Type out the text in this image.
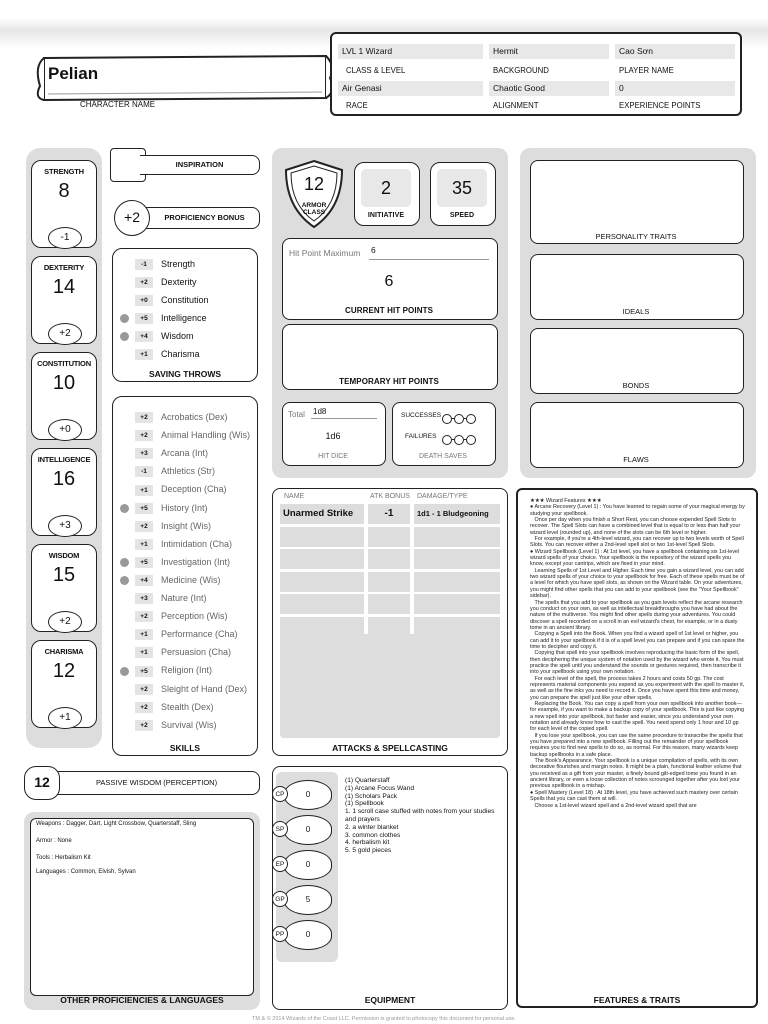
Pelian
CHARACTER NAME
LVL 1 Wizard
CLASS & LEVEL
Hermit
BACKGROUND
Cao Sơn
PLAYER NAME
Air Genasi
RACE
Chaotic Good
ALIGNMENT
0
EXPERIENCE POINTS
STRENGTH
8
-1
DEXTERITY
14
+2
CONSTITUTION
10
+0
INTELLIGENCE
16
+3
WISDOM
15
+2
CHARISMA
12
+1
INSPIRATION
PROFICIENCY BONUS
+2
-1 Strength
+2 Dexterity
+0 Constitution
+5 Intelligence
+4 Wisdom
+1 Charisma
SAVING THROWS
+2 Acrobatics (Dex)
+2 Animal Handling (Wis)
+3 Arcana (Int)
-1 Athletics (Str)
+1 Deception (Cha)
+5 History (Int)
+2 Insight (Wis)
+1 Intimidation (Cha)
+5 Investigation (Int)
+4 Medicine (Wis)
+3 Nature (Int)
+2 Perception (Wis)
+1 Performance (Cha)
+1 Persuasion (Cha)
+5 Religion (Int)
+2 Sleight of Hand (Dex)
+2 Stealth (Dex)
+2 Survival (Wis)
SKILLS
PASSIVE WISDOM (PERCEPTION)
12
Weapons : Dagger, Dart, Light Crossbow, Quarterstaff, Sling
Armor : None
Tools : Herbalism Kit
Languages : Common, Elvish, Sylvan
OTHER PROFICIENCIES & LANGUAGES
12
ARMOR CLASS
2
INITIATIVE
35
SPEED
Hit Point Maximum 6
6
CURRENT HIT POINTS
TEMPORARY HIT POINTS
Total 1d8
1d6
HIT DICE
SUCCESSES
FAILURES
DEATH SAVES
PERSONALITY TRAITS
IDEALS
BONDS
FLAWS
NAME	ATK BONUS DAMAGE/TYPE
Unarmed Strike	-1	1d1 - 1 Bludgeoning
ATTACKS & SPELLCASTING
0
CP
0
SP
0
EP
5
GP
0
PP
(1) Quarterstaff
(1) Arcane Focus Wand
(1) Scholars Pack
(1) Spellbook
1. 1 scroll case stuffed with notes from your studies and prayers
2. a winter blanket
3. common clothes
4. herbalism kit
5. 5 gold pieces
EQUIPMENT

★★★ Wizard Features ★★★

● Arcane Recovery (Level 1) : You have learned to regain some of your magical energy by studying your spellbook.

Once per day when you finish a Short Rest, you can choose expended Spell Slots to recover. The Spell Slots can have a combined level that is equal to or less than half your wizard level (rounded up), and none of the slots can be 6th level or higher.

For example, if you're a 4th-level wizard, you can recover up to two levels worth of Spell Slots. You can recover either a 2nd-level spell slot or two 1st-level Spell Slots.

● Wizard Spellbook (Level 1) : At 1st level, you have a spellbook containing six 1st-level wizard spells of your choice. Your spellbook is the repository of the wizard spells you know, except your cantrips, which are fixed in your mind.

Learning Spells of 1st Level and Higher. Each time you gain a wizard level, you can add two wizard spells of your choice to your spellbook for free. Each of these spells must be of a level for which you have spell slots, as shown on the Wizard table. On your adventures, you might find other spells that you can add to your spellbook (see the "Your Spellbook" sidebar).

The spells that you add to your spellbook as you gain levels reflect the arcane research you conduct on your own, as well as intellectual breakthroughs you have had about the nature of the multiverse. You might find other spells during your adventures. You could discover a spell recorded on a scroll in an evil wizard's chest, for example, or in a dusty tome in an ancient library.

Copying a Spell into the Book. When you find a wizard spell of 1st level or higher, you can add it to your spellbook if it is of a spell level you can prepare and if you can spare the time to decipher and copy it.

Copying that spell into your spellbook involves reproducing the basic form of the spell, then deciphering the unique system of notation used by the wizard who wrote it. You must practice the spell until you understand the sounds or gestures required, then transcribe it into your spellbook using your own notation.

For each level of the spell, the process takes 2 hours and costs 50 gp. The cost represents material components you expend as you experiment with the spell to master it, as well as the fine inks you need to record it. Once you have spent this time and money, you can prepare the spell just like your other spells.

Replacing the Book. You can copy a spell from your own spellbook into another book—for example, if you want to make a backup copy of your spellbook. This is just like copying a new spell into your spellbook, but faster and easier, since you understand your own notation and already know how to cast the spell. You need spend only 1 hour and 10 gp for each level of the copied spell.

If you lose your spellbook, you can use the same procedure to transcribe the spells that you have prepared into a new spellbook. Filling out the remainder of your spellbook requires you to find new spells to do so, as normal. For this reason, many wizards keep backup spellbooks in a safe place.

The Book's Appearance. Your spellbook is a unique compilation of spells, with its own decorative flourishes and margin notes. It might be a plain, functional leather volume that you received as a gift from your master, a finely bound gilt-edged tome you found in an ancient library, or even a loose collection of notes scrounged together after you lost your previous spellbook in a mishap.

● Spell Mastery (Level 18) : At 18th level, you have achieved such mastery over certain Spells that you can cast them at will.

Choose a 1st-level wizard spell and a 2nd-level wizard spell that are

FEATURES & TRAITS
TM & © 2014 Wizards of the Coast LLC. Permission is granted to photocopy this document for personal use.
